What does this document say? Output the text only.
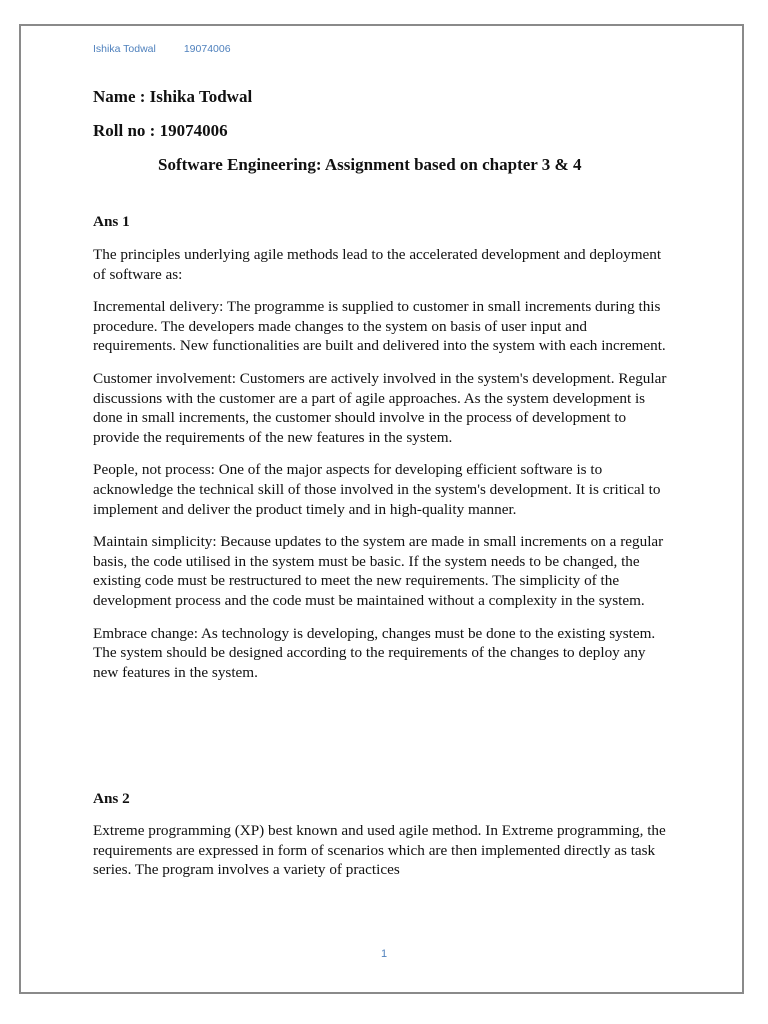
Ishika Todwal	19074006
Name : Ishika Todwal
Roll no : 19074006
Software Engineering: Assignment based on chapter 3 & 4
Ans 1

The principles underlying agile methods lead to the accelerated development and deployment of software as:

Incremental delivery: The programme is supplied to customer in small increments during this procedure. The developers made changes to the system on basis of user input and requirements. New functionalities are built and delivered into the system with each increment.

Customer involvement: Customers are actively involved in the system's development. Regular discussions with the customer are a part of agile approaches. As the system development is done in small increments, the customer should involve in the process of development to provide the requirements of the new features in the system.

People, not process: One of the major aspects for developing efficient software is to acknowledge the technical skill of those involved in the system's development. It is critical to implement and deliver the product timely and in high-quality manner.

Maintain simplicity: Because updates to the system are made in small increments on a regular basis, the code utilised in the system must be basic. If the system needs to be changed, the existing code must be restructured to meet the new requirements. The simplicity of the development process and the code must be maintained without a complexity in the system.

Embrace change: As technology is developing, changes must be done to the existing system. The system should be designed according to the requirements of the changes to deploy any new features in the system.

Ans 2

Extreme programming (XP) best known and used agile method. In Extreme programming, the requirements are expressed in form of scenarios which are then implemented directly as task series. The program involves a variety of practices

1
